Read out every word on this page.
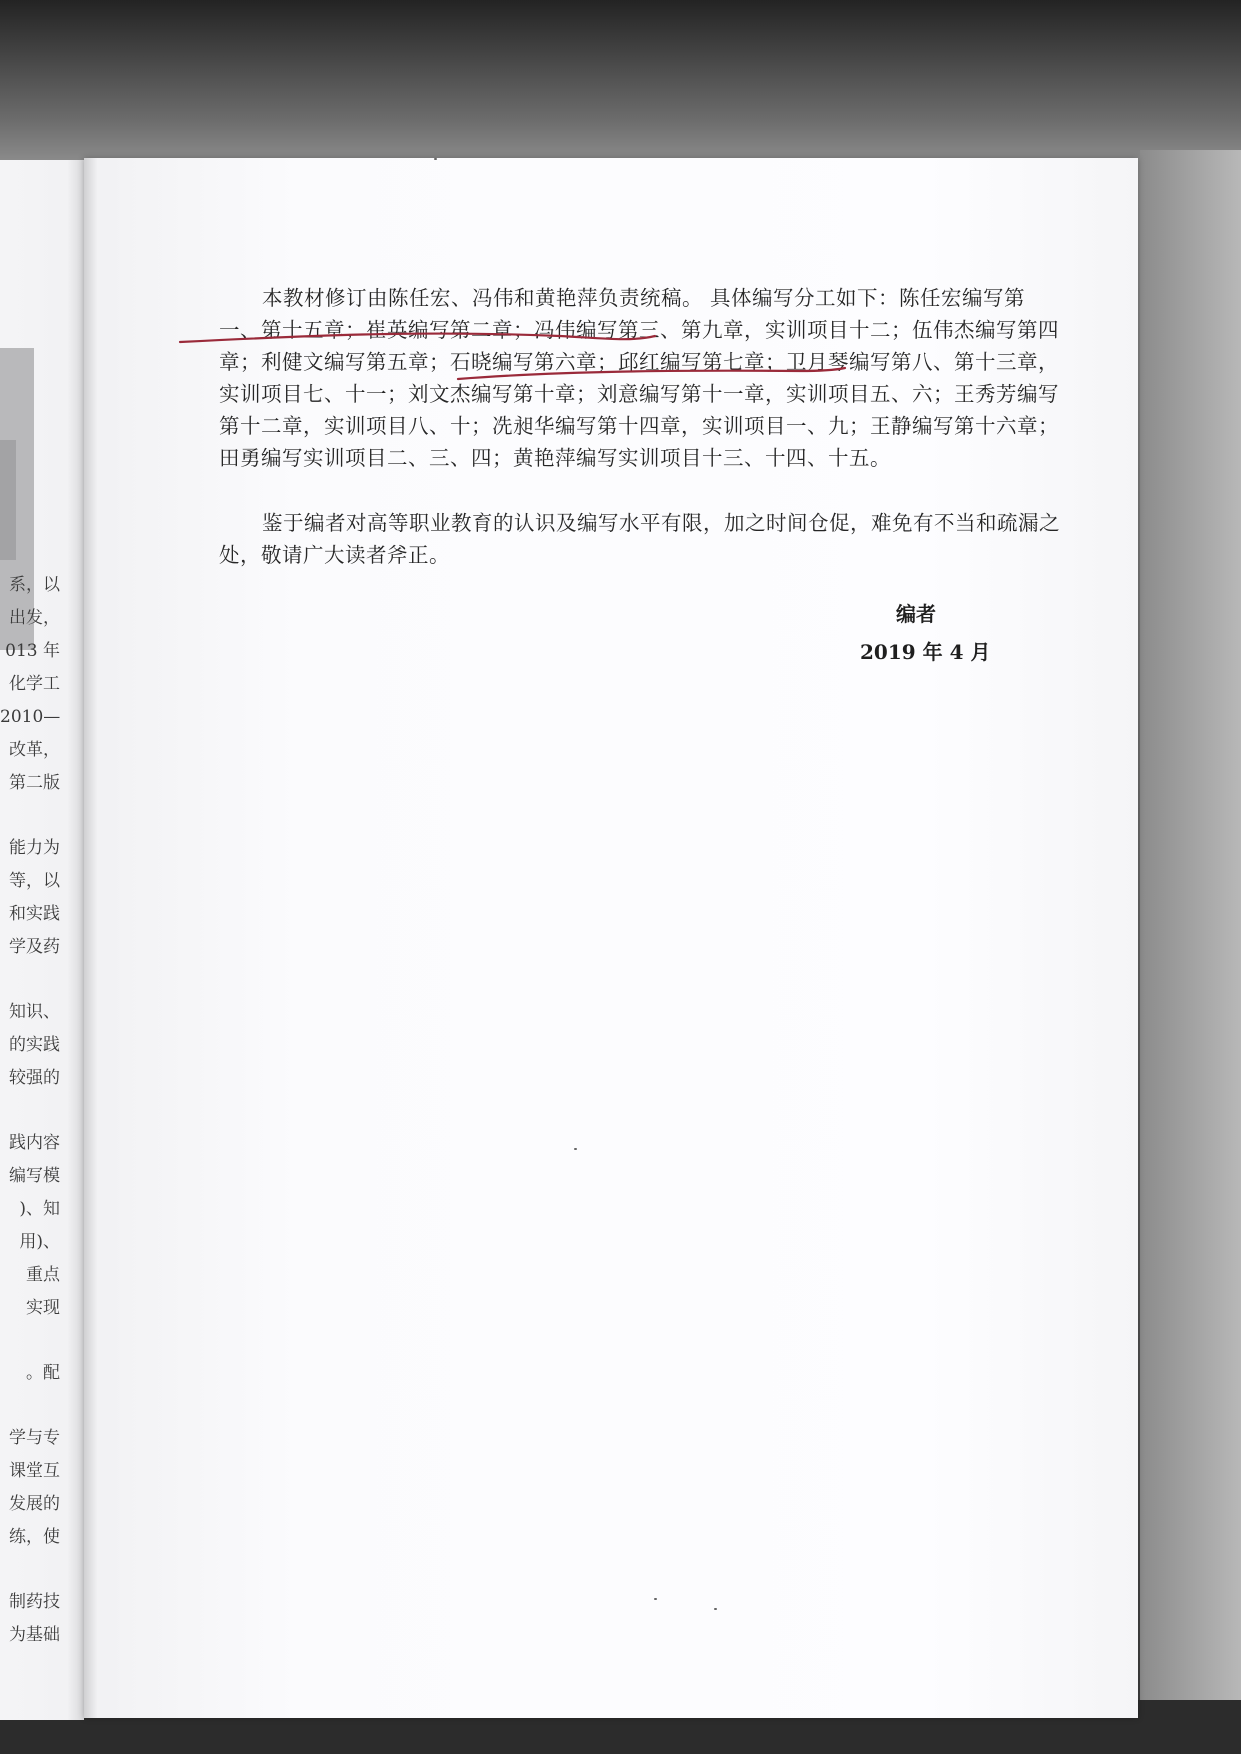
系，以
出发，
013 年
化学工
2010—
改革，
第二版
能力为
等，以
和实践
学及药
知识、
的实践
较强的
践内容
编写模
)、知
用)、
重点
实现
。配
学与专
课堂互
发展的
练，使
制药技
为基础
本教材修订由陈任宏、冯伟和黄艳萍负责统稿。 具体编写分工如下：陈任宏编写第
一、第十五章；崔英编写第二章；冯伟编写第三、第九章，实训项目十二；伍伟杰编写第四
章；利健文编写第五章；石晓编写第六章；邱红编写第七章；卫月琴编写第八、第十三章，
实训项目七、十一；刘文杰编写第十章；刘意编写第十一章，实训项目五、六；王秀芳编写
第十二章，实训项目八、十；冼昶华编写第十四章，实训项目一、九；王静编写第十六章；
田勇编写实训项目二、三、四；黄艳萍编写实训项目十三、十四、十五。
鉴于编者对高等职业教育的认识及编写水平有限，加之时间仓促，难免有不当和疏漏之
处，敬请广大读者斧正。
编者
2019 年 4 月
